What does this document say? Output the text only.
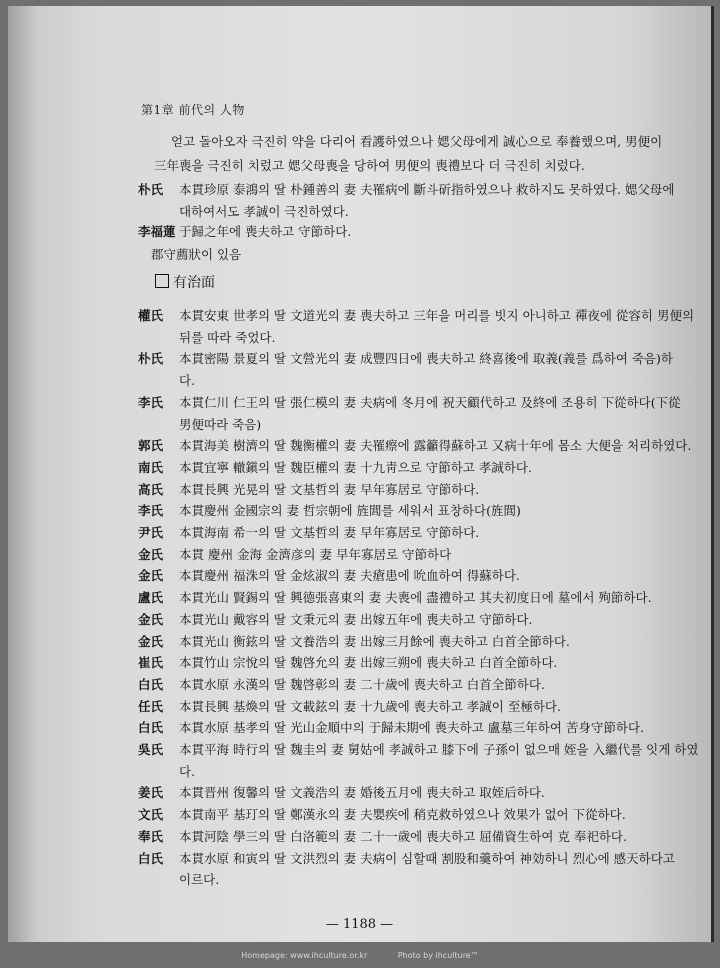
第1章 前代의 人物
有治面
얻고 돌아오자 극진히 약을 다리어 看護하였으나 媤父母에게 誠心으로 奉養했으며, 男便이
三年喪을 극진히 치렀고 媤父母喪을 당하여 男便의 喪禮보다 더 극진히 치렀다.
本貫珍原 泰鴻의 딸 朴鍾善의 妻 夫罹病에 斷斗斫指하였으나 救하지도 못하였다. 媤父母에
朴氏
대하여서도 孝誠이 극진하였다.
于歸之年에 喪夫하고 守節하다.
李福蓮
郡守薦狀이 있음
本貫安東 世孝의 딸 文道光의 妻 喪夫하고 三年을 머리를 빗지 아니하고 禪夜에 從容히 男便의
權氏
뒤를 따라 죽었다.
本貫密陽 景夏의 딸 文營光의 妻 成豐四日에 喪夫하고 終喜後에 取義(義를 爲하여 죽음)하
朴氏
다.
本貫仁川 仁王의 딸 張仁模의 妻 夫病에 冬月에 祝天顧代하고 及終에 조용히 下從하다(下從
李氏
男便따라 죽음)
本貫海美 樹濟의 딸 魏衡權의 妻 夫罹瘵에 露籲得蘇하고 又病十年에 몸소 大便을 처리하였다.
郭氏
本貫宜寧 轍鎭의 딸 魏臣權의 妻 十九靑으로 守節하고 孝誠하다.
南氏
本貫長興 光晃의 딸 文基哲의 妻 早年寡居로 守節하다.
高氏
本貫慶州 金國宗의 妻 哲宗朝에 旌閭를 세워서 표창하다(旌閭)
李氏
本貫海南 希一의 딸 文基哲의 妻 早年寡居로 守節하다.
尹氏
本貫 慶州 金海 金濟彦의 妻 早年寡居로 守節하다
金氏
本貫慶州 福洙의 딸 金炫淑의 妻 夫瘡患에 吮血하여 得蘇하다.
金氏
本貫光山 賢錫의 딸 興德張喜東의 妻 夫喪에 盡禮하고 其夫初度日에 墓에서 殉節하다.
盧氏
本貫光山 戴容의 딸 文秉元의 妻 出嫁五年에 喪夫하고 守節하다.
金氏
本貫光山 衡鉉의 딸 文養浩의 妻 出嫁三月餘에 喪夫하고 白首全節하다.
金氏
本貫竹山 宗悅의 딸 魏啓允의 妻 出嫁三朔에 喪夫하고 白首全節하다.
崔氏
本貫水原 永漢의 딸 魏啓彰의 妻 二十歲에 喪夫하고 白首全節하다.
白氏
本貫長興 基煥의 딸 文載鉉의 妻 十九歲에 喪夫하고 孝誠이 至極하다.
任氏
本貫水原 基孝의 딸 光山金順中의 于歸未期에 喪夫하고 盧墓三年하여 苦身守節하다.
白氏
本貫平海 時行의 딸 魏圭의 妻 舅姑에 孝誠하고 膝下에 子孫이 없으매 姪을 入繼代를 잇게 하였
吳氏
다.
本貫晋州 復馨의 딸 文義浩의 妻 婚後五月에 喪夫하고 取姪后하다.
姜氏
本貫南平 基玎의 딸 鄭漢永의 妻 夫嬰疾에 稍克救하였으나 效果가 없어 下從하다.
文氏
本貫河陰 學三의 딸 白洛範의 妻 二十一歲에 喪夫하고 屈備資生하여 克 奉祀하다.
奉氏
本貫水原 和寅의 딸 文洪烈의 妻 夫病이 심할때 割股和羹하여 神効하니 烈心에 感天하다고
白氏
이르다.
— 1188 —
Homepage: www.ihculture.or.kr	Photo by ihculture™
